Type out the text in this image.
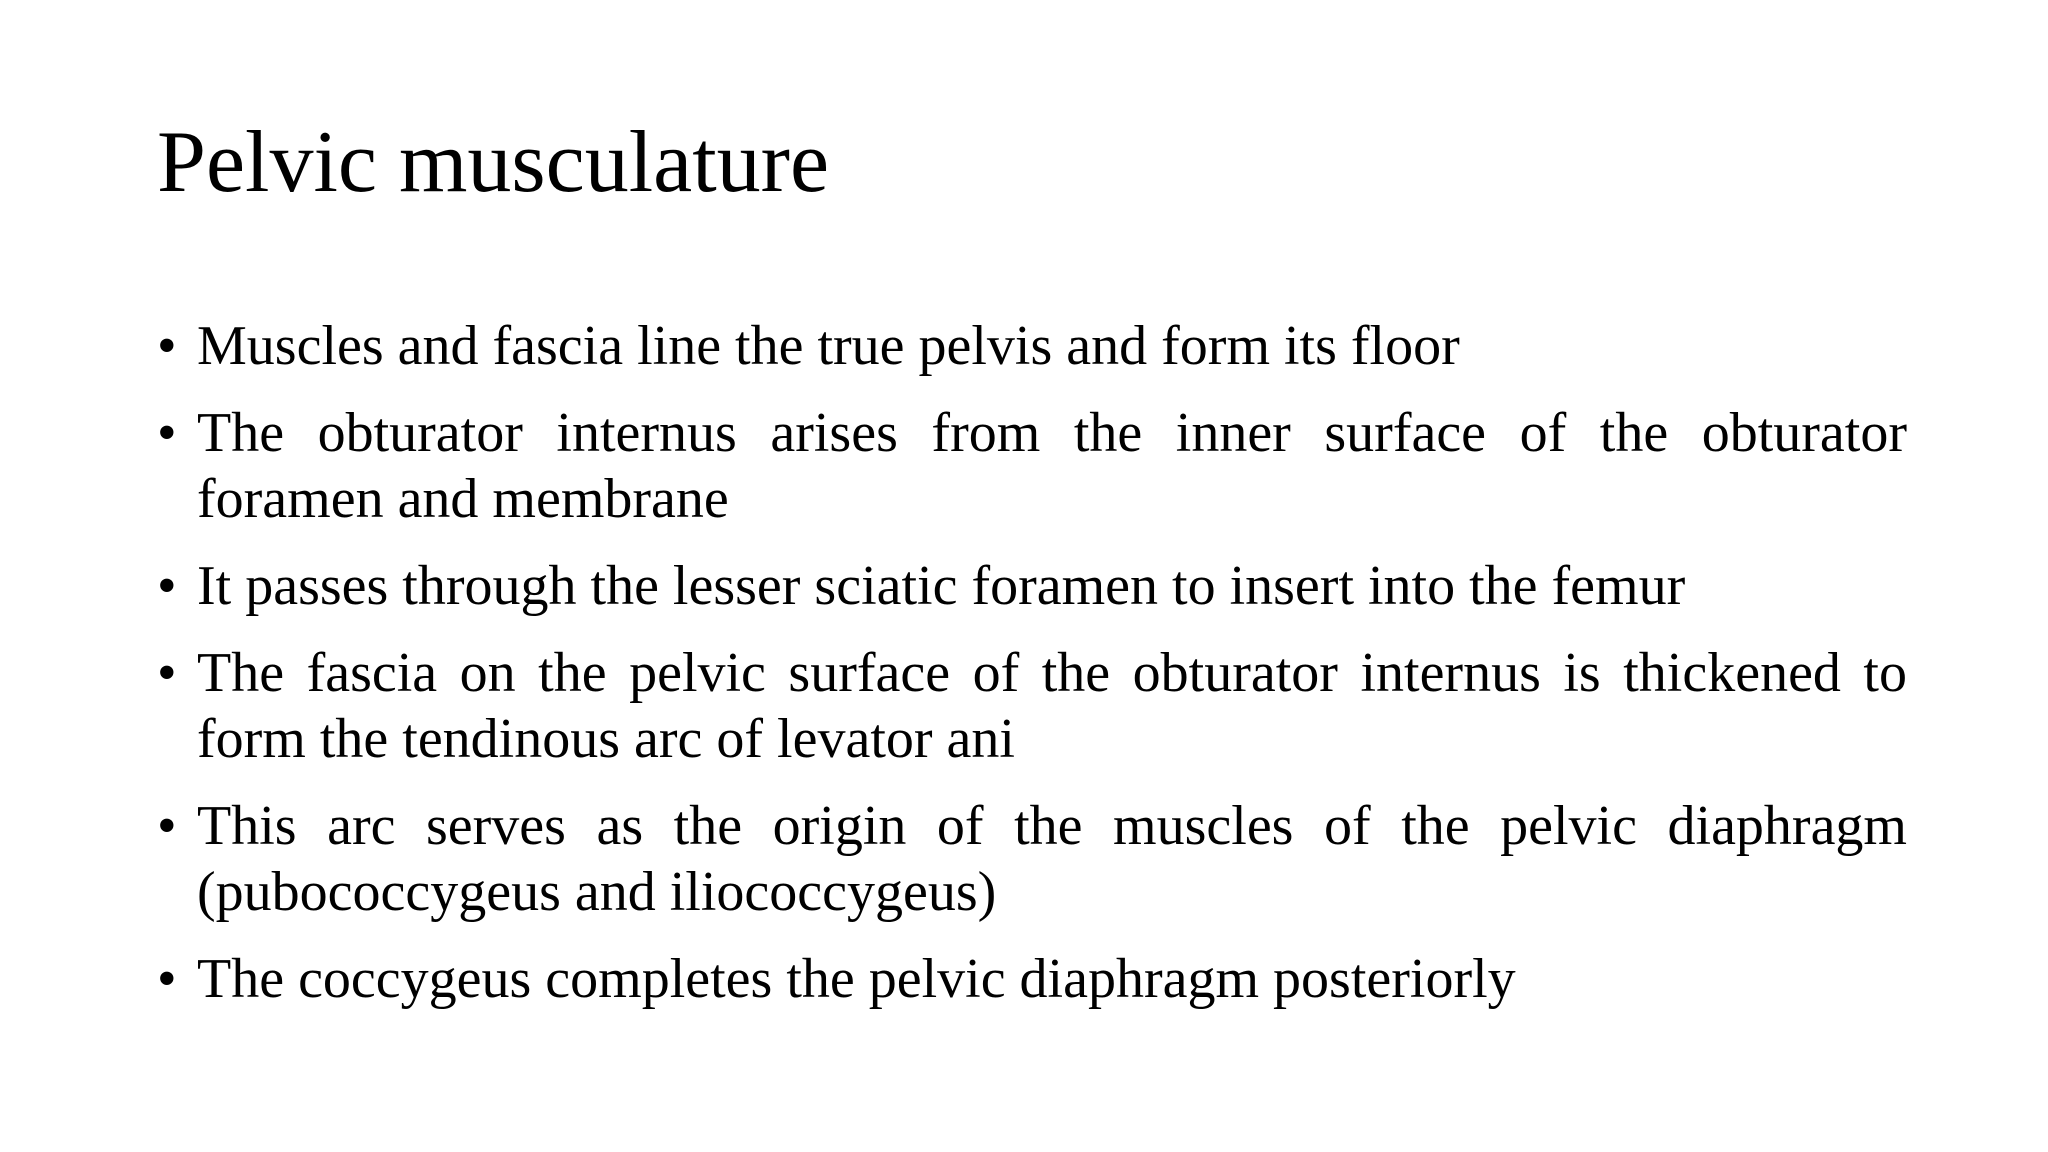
Pelvic musculature
• Muscles and fascia line the true pelvis and form its floor
• The obturator internus arises from the inner surface of the obturator foramen and membrane
• It passes through the lesser sciatic foramen to insert into the femur
• The fascia on the pelvic surface of the obturator internus is thickened to form the tendinous arc of levator ani
• This arc serves as the origin of the muscles of the pelvic diaphragm (pubococcygeus and iliococcygeus)
• The coccygeus completes the pelvic diaphragm posteriorly
